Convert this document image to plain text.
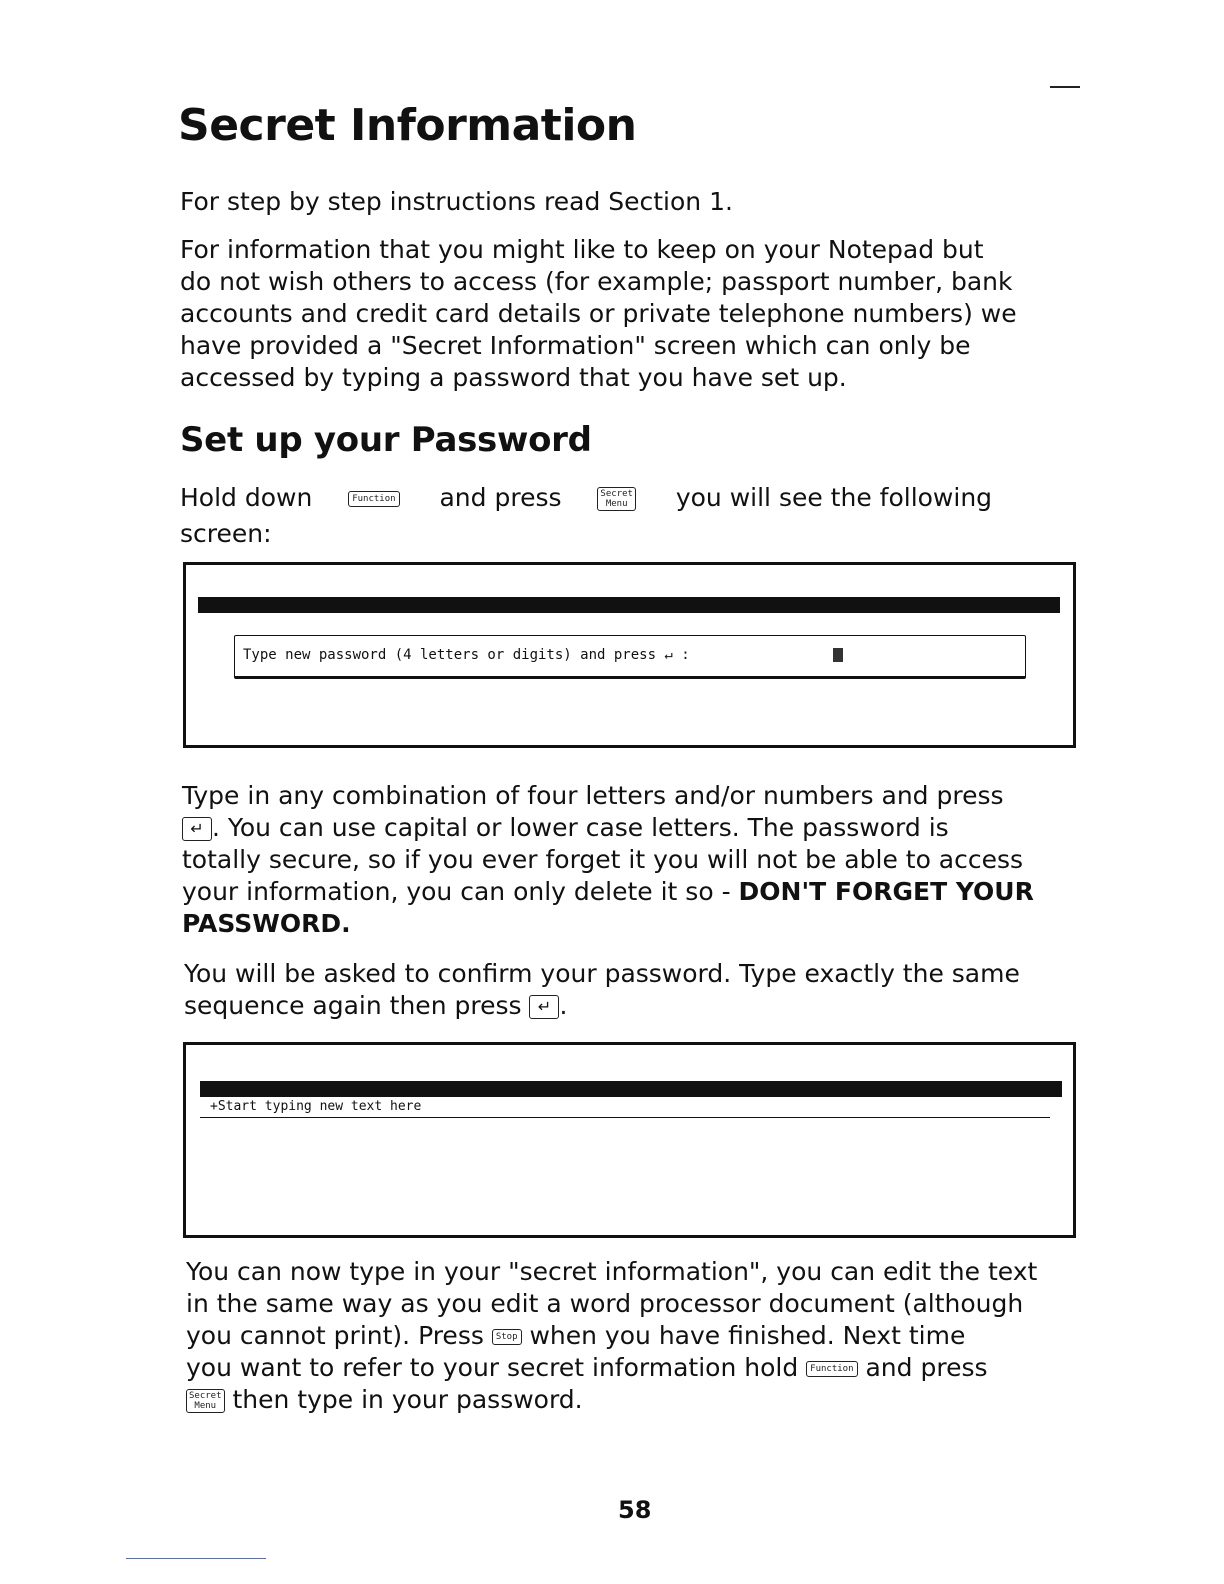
Secret Information
For step by step instructions read Section 1.

For information that you might like to keep on your Notepad but

do not wish others to access (for example; passport number, bank

accounts and credit card details or private telephone numbers) we

have provided a "Secret Information" screen which can only be

accessed by typing a password that you have set up.

Set up your Password
Hold down	Function and press	Secret
Menu you will see the following
screen:

Type new password (4 letters or digits) and press ↵ :

Type in any combination of four letters and/or numbers and press

↵ . You can use capital or lower case letters. The password is

totally secure, so if you ever forget it you will not be able to access

your information, you can only delete it so - DON'T FORGET YOUR

PASSWORD.

You will be asked to confirm your password. Type exactly the same

sequence again then press ↵ .

+Start typing new text here

You can now type in your "secret information", you can edit the text

in the same way as you edit a word processor document (although

you cannot print). Press Stop when you have finished. Next time

you want to refer to your secret information hold Function and press

Secret
Menu then type in your password.

58
